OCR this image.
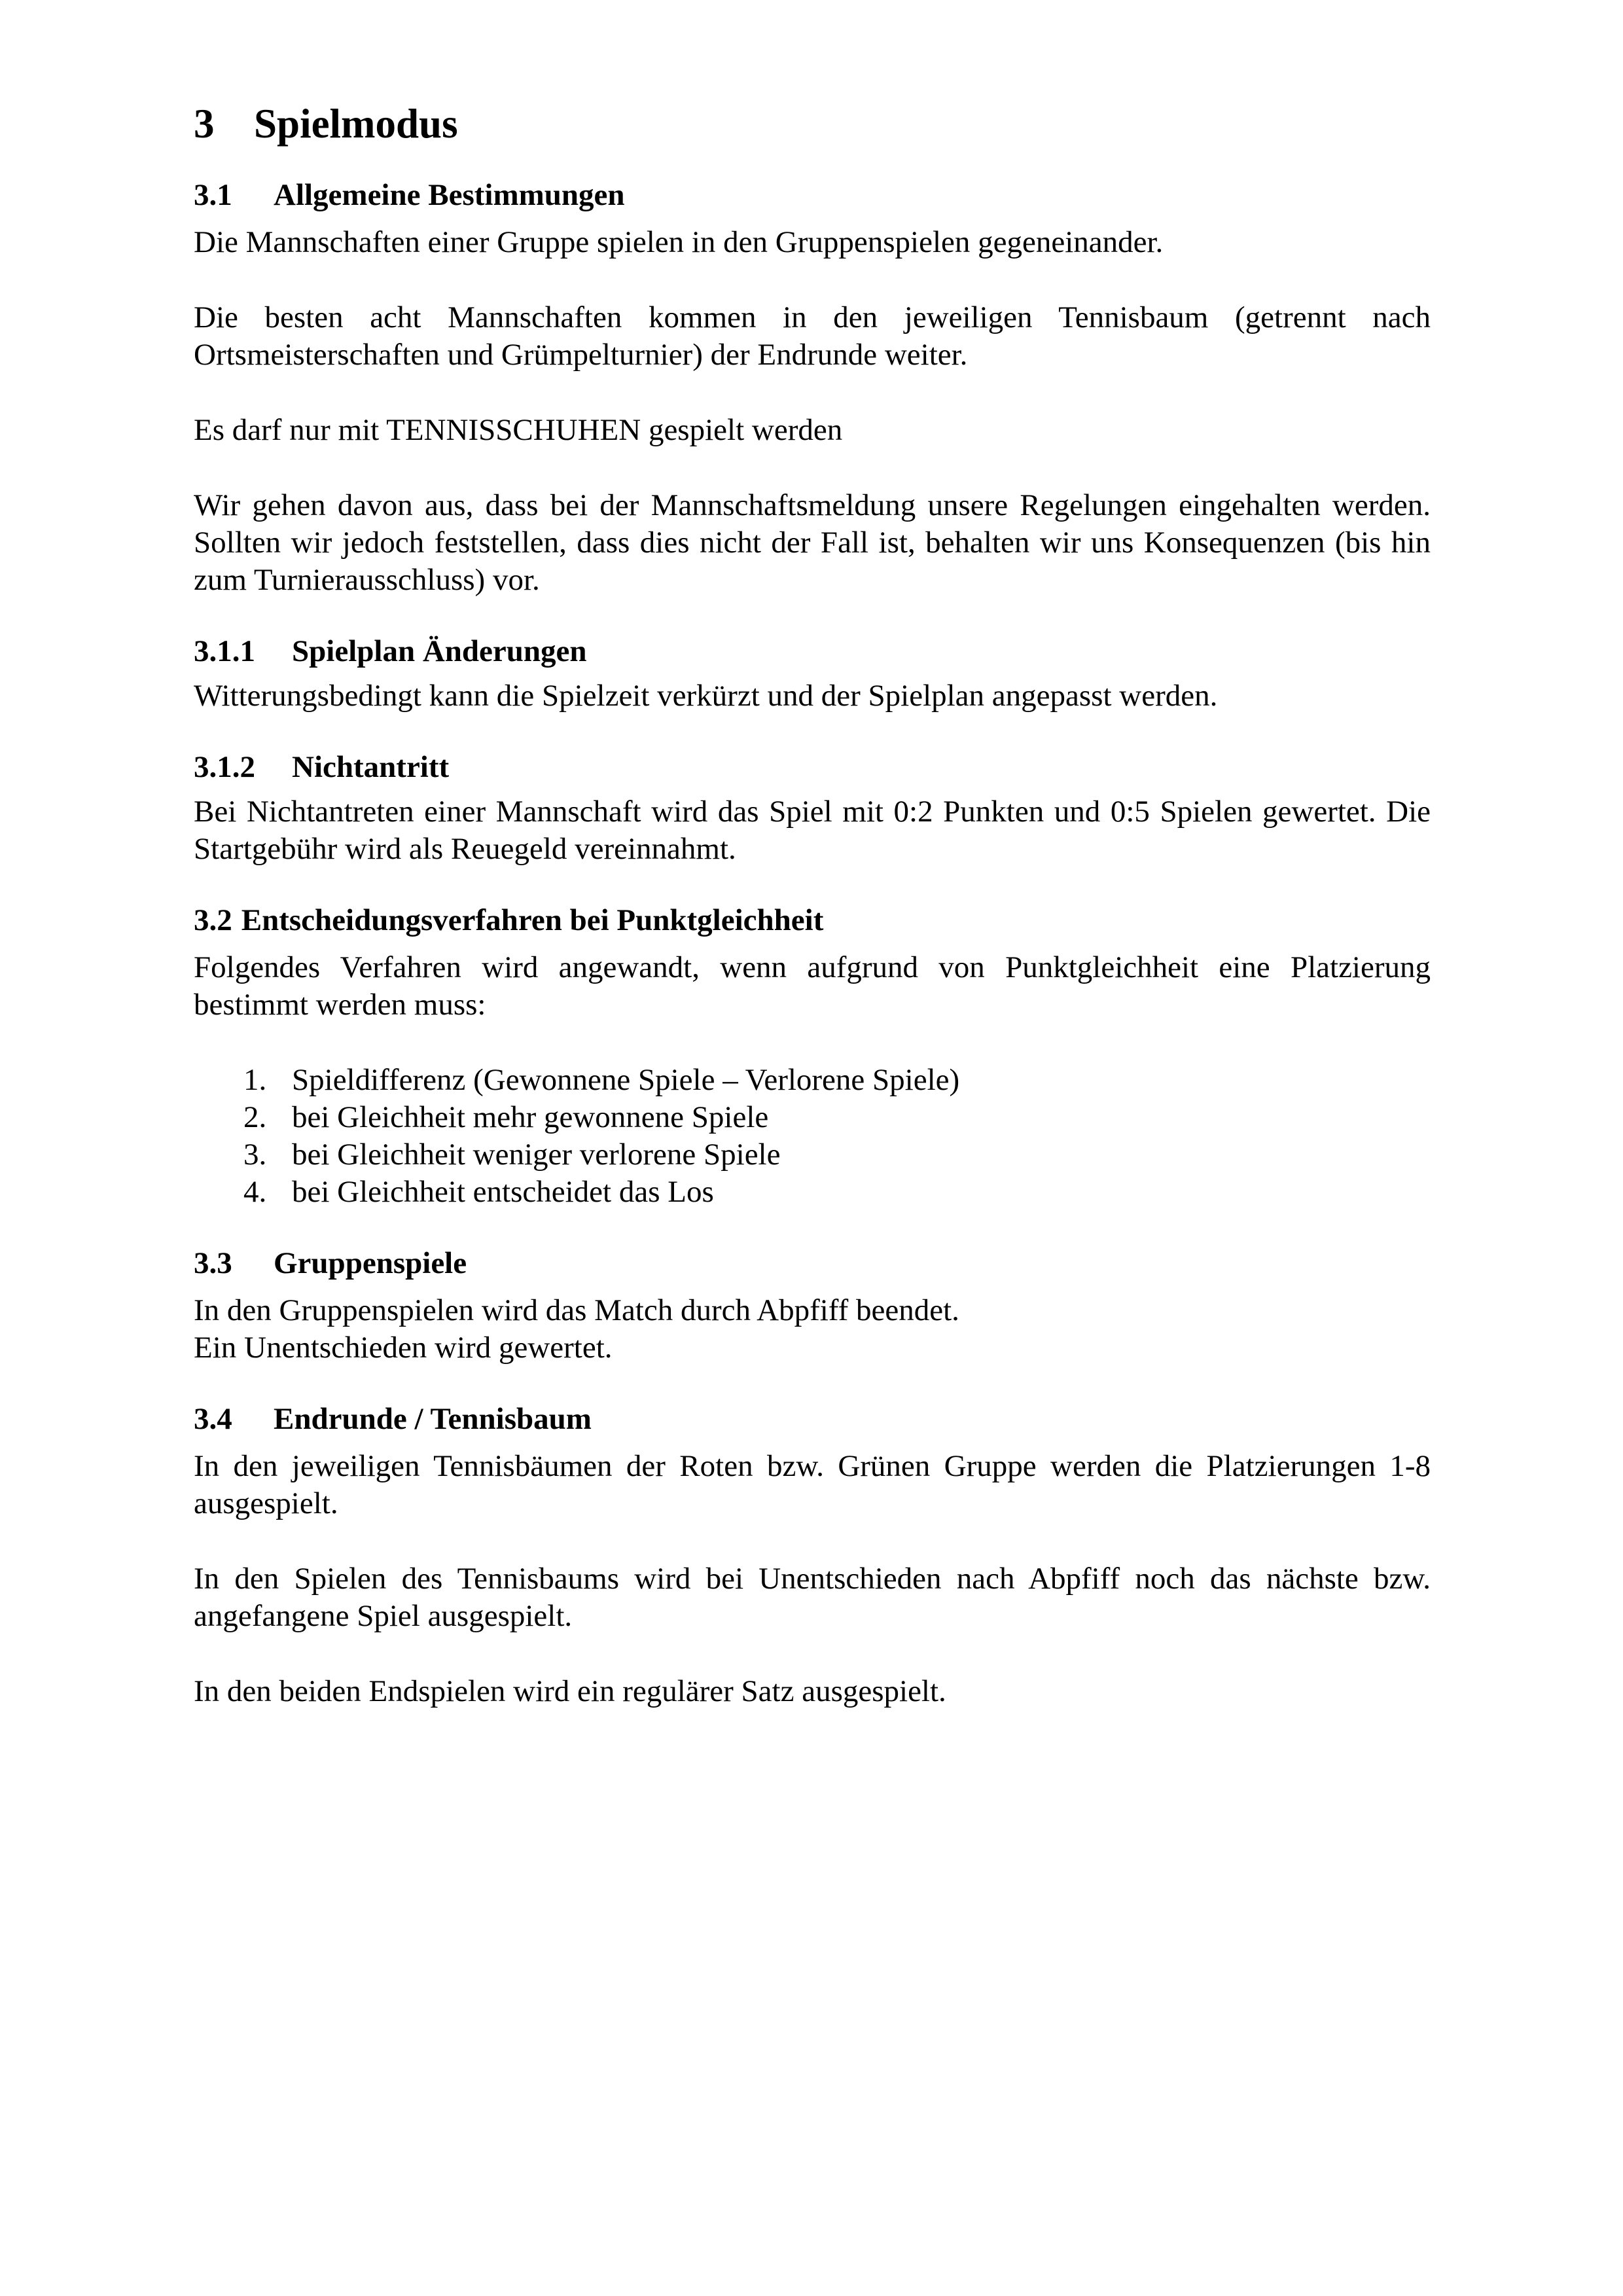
3 Spielmodus
3.1 Allgemeine Bestimmungen

Die Mannschaften einer Gruppe spielen in den Gruppenspielen gegeneinander.

Die besten acht Mannschaften kommen in den jeweiligen Tennisbaum (getrennt nach Ortsmeisterschaften und Grümpelturnier) der Endrunde weiter.

Es darf nur mit TENNISSCHUHEN gespielt werden

Wir gehen davon aus, dass bei der Mannschaftsmeldung unsere Regelungen eingehalten werden. Sollten wir jedoch feststellen, dass dies nicht der Fall ist, behalten wir uns Konsequenzen (bis hin zum Turnierausschluss) vor.

3.1.1 Spielplan Änderungen

Witterungsbedingt kann die Spielzeit verkürzt und der Spielplan angepasst werden.

3.1.2 Nichtantritt

Bei Nichtantreten einer Mannschaft wird das Spiel mit 0:2 Punkten und 0:5 Spielen gewertet. Die Startgebühr wird als Reuegeld vereinnahmt.

3.2 Entscheidungsverfahren bei Punktgleichheit

Folgendes Verfahren wird angewandt, wenn aufgrund von Punktgleichheit eine Platzierung bestimmt werden muss:

1. Spieldifferenz (Gewonnene Spiele – Verlorene Spiele)
2. bei Gleichheit mehr gewonnene Spiele
3. bei Gleichheit weniger verlorene Spiele
4. bei Gleichheit entscheidet das Los
3.3 Gruppenspiele

In den Gruppenspielen wird das Match durch Abpfiff beendet.

Ein Unentschieden wird gewertet.

3.4 Endrunde / Tennisbaum

In den jeweiligen Tennisbäumen der Roten bzw. Grünen Gruppe werden die Platzierungen 1-8 ausgespielt.

In den Spielen des Tennisbaums wird bei Unentschieden nach Abpfiff noch das nächste bzw. angefangene Spiel ausgespielt.

In den beiden Endspielen wird ein regulärer Satz ausgespielt.
